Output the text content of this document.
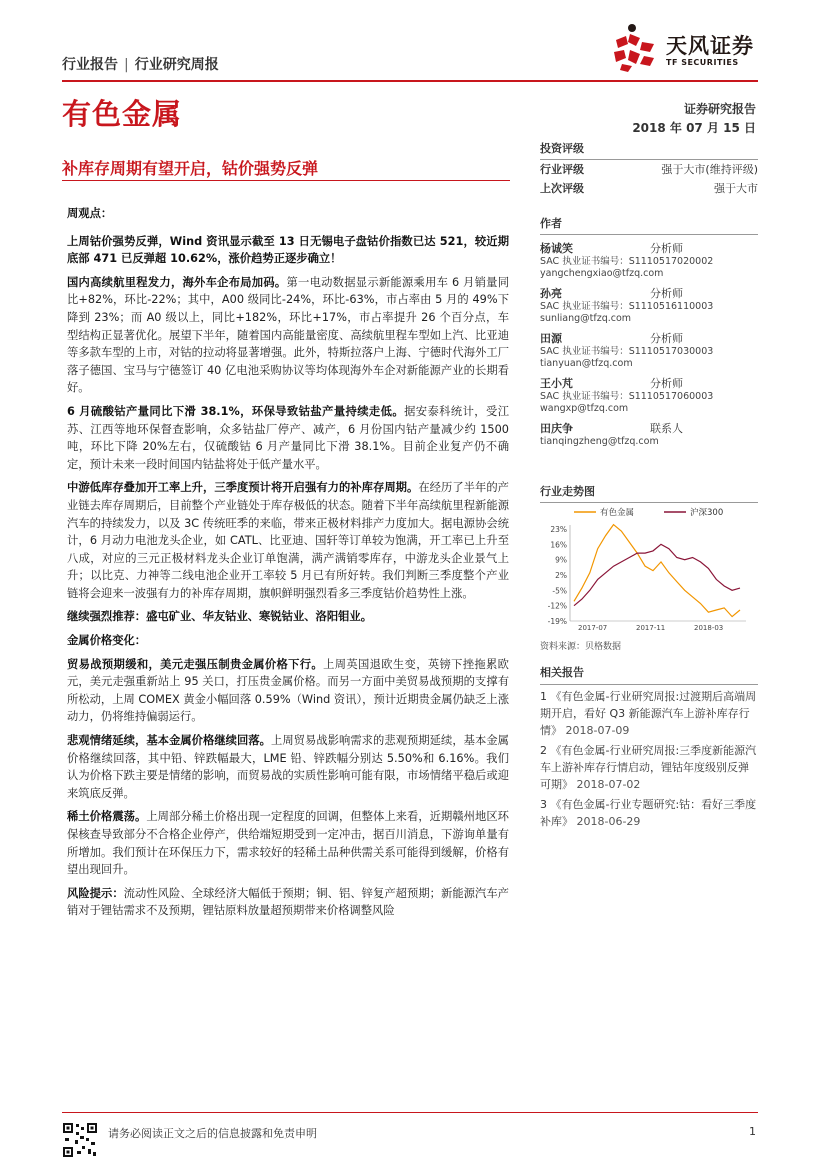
行业报告 | 行业研究周报
天风证券
TF SECURITIES
有色金属	证券研究报告
2018 年 07 月 15 日
补库存周期有望开启，钴价强势反弹

周观点：

上周钴价强势反弹，Wind 资讯显示截至 13 日无锡电子盘钴价指数已达 521，较近期底部 471 已反弹超 10.62%，涨价趋势正逐步确立！

国内高续航里程发力，海外车企布局加码。第一电动数据显示新能源乘用车 6 月销量同比+82%，环比-22%；其中，A00 级同比-24%，环比-63%，市占率由 5 月的 49%下降到 23%；而 A0 级以上，同比+182%，环比+17%，市占率提升 26 个百分点，车型结构正显著优化。展望下半年，随着国内高能量密度、高续航里程车型如上汽、比亚迪等多款车型的上市，对钴的拉动将显著增强。此外，特斯拉落户上海、宁德时代海外工厂落子德国、宝马与宁德签订 40 亿电池采购协议等均体现海外车企对新能源产业的长期看好。

6 月硫酸钴产量同比下滑 38.1%，环保导致钴盐产量持续走低。据安泰科统计，受江苏、江西等地环保督查影响，众多钴盐厂停产、减产，6 月份国内钴产量减少约 1500 吨，环比下降 20%左右，仅硫酸钴 6 月产量同比下滑 38.1%。目前企业复产仍不确定，预计未来一段时间国内钴盐将处于低产量水平。

中游低库存叠加开工率上升，三季度预计将开启强有力的补库存周期。在经历了半年的产业链去库存周期后，目前整个产业链处于库存极低的状态。随着下半年高续航里程新能源汽车的持续发力，以及 3C 传统旺季的来临，带来正极材料排产力度加大。据电源协会统计，6 月动力电池龙头企业，如 CATL、比亚迪、国轩等订单较为饱满，开工率已上升至八成，对应的三元正极材料龙头企业订单饱满，满产满销零库存，中游龙头企业景气上升；以比克、力神等二线电池企业开工率较 5 月已有所好转。我们判断三季度整个产业链将会迎来一波强有力的补库存周期，旗帜鲜明强烈看多三季度钴价趋势性上涨。

继续强烈推荐：盛屯矿业、华友钴业、寒锐钴业、洛阳钼业。

金属价格变化：

贸易战预期缓和，美元走强压制贵金属价格下行。上周英国退欧生变，英镑下挫拖累欧元，美元走强重新站上 95 关口，打压贵金属价格。而另一方面中美贸易战预期的支撑有所松动，上周 COMEX 黄金小幅回落 0.59%（Wind 资讯），预计近期贵金属仍缺乏上涨动力，仍将维持偏弱运行。

悲观情绪延续，基本金属价格继续回落。上周贸易战影响需求的悲观预期延续，基本金属价格继续回落，其中铅、锌跌幅最大，LME 铅、锌跌幅分别达 5.50%和 6.16%。我们认为价格下跌主要是情绪的影响，而贸易战的实质性影响可能有限，市场情绪平稳后或迎来筑底反弹。

稀土价格震荡。上周部分稀土价格出现一定程度的回调，但整体上来看，近期赣州地区环保核查导致部分不合格企业停产，供给端短期受到一定冲击，据百川消息，下游询单量有所增加。我们预计在环保压力下，需求较好的轻稀土品种供需关系可能得到缓解，价格有望出现回升。

风险提示：流动性风险、全球经济大幅低于预期；铜、铝、锌复产超预期；新能源汽车产销对于锂钴需求不及预期，锂钴原料放量超预期带来价格调整风险

投资评级
行业评级	强于大市(维持评级)
上次评级	强于大市
作者
杨诚笑	分析师
SAC 执业证书编号：S1110517020002
yangchengxiao@tfzq.com
孙亮	分析师
SAC 执业证书编号：S1110516110003
sunliang@tfzq.com
田源	分析师
SAC 执业证书编号：S1110517030003
tianyuan@tfzq.com
王小芃	分析师
SAC 执业证书编号：S1110517060003
wangxp@tfzq.com
田庆争	联系人
tianqingzheng@tfzq.com
行业走势图
有色金属	沪深300
23%
16%
9%
2%
-5%
-12%
-19%
2017-07	2017-11	2018-03
资料来源：贝格数据
相关报告
1 《有色金属-行业研究周报:过渡期后高端周期开启，看好 Q3 新能源汽车上游补库存行情》 2018-07-09
2 《有色金属-行业研究周报:三季度新能源汽车上游补库存行情启动，锂钴年度级别反弹可期》 2018-07-02
3 《有色金属-行业专题研究:钴：看好三季度补库》 2018-06-29
请务必阅读正文之后的信息披露和免责申明	1
